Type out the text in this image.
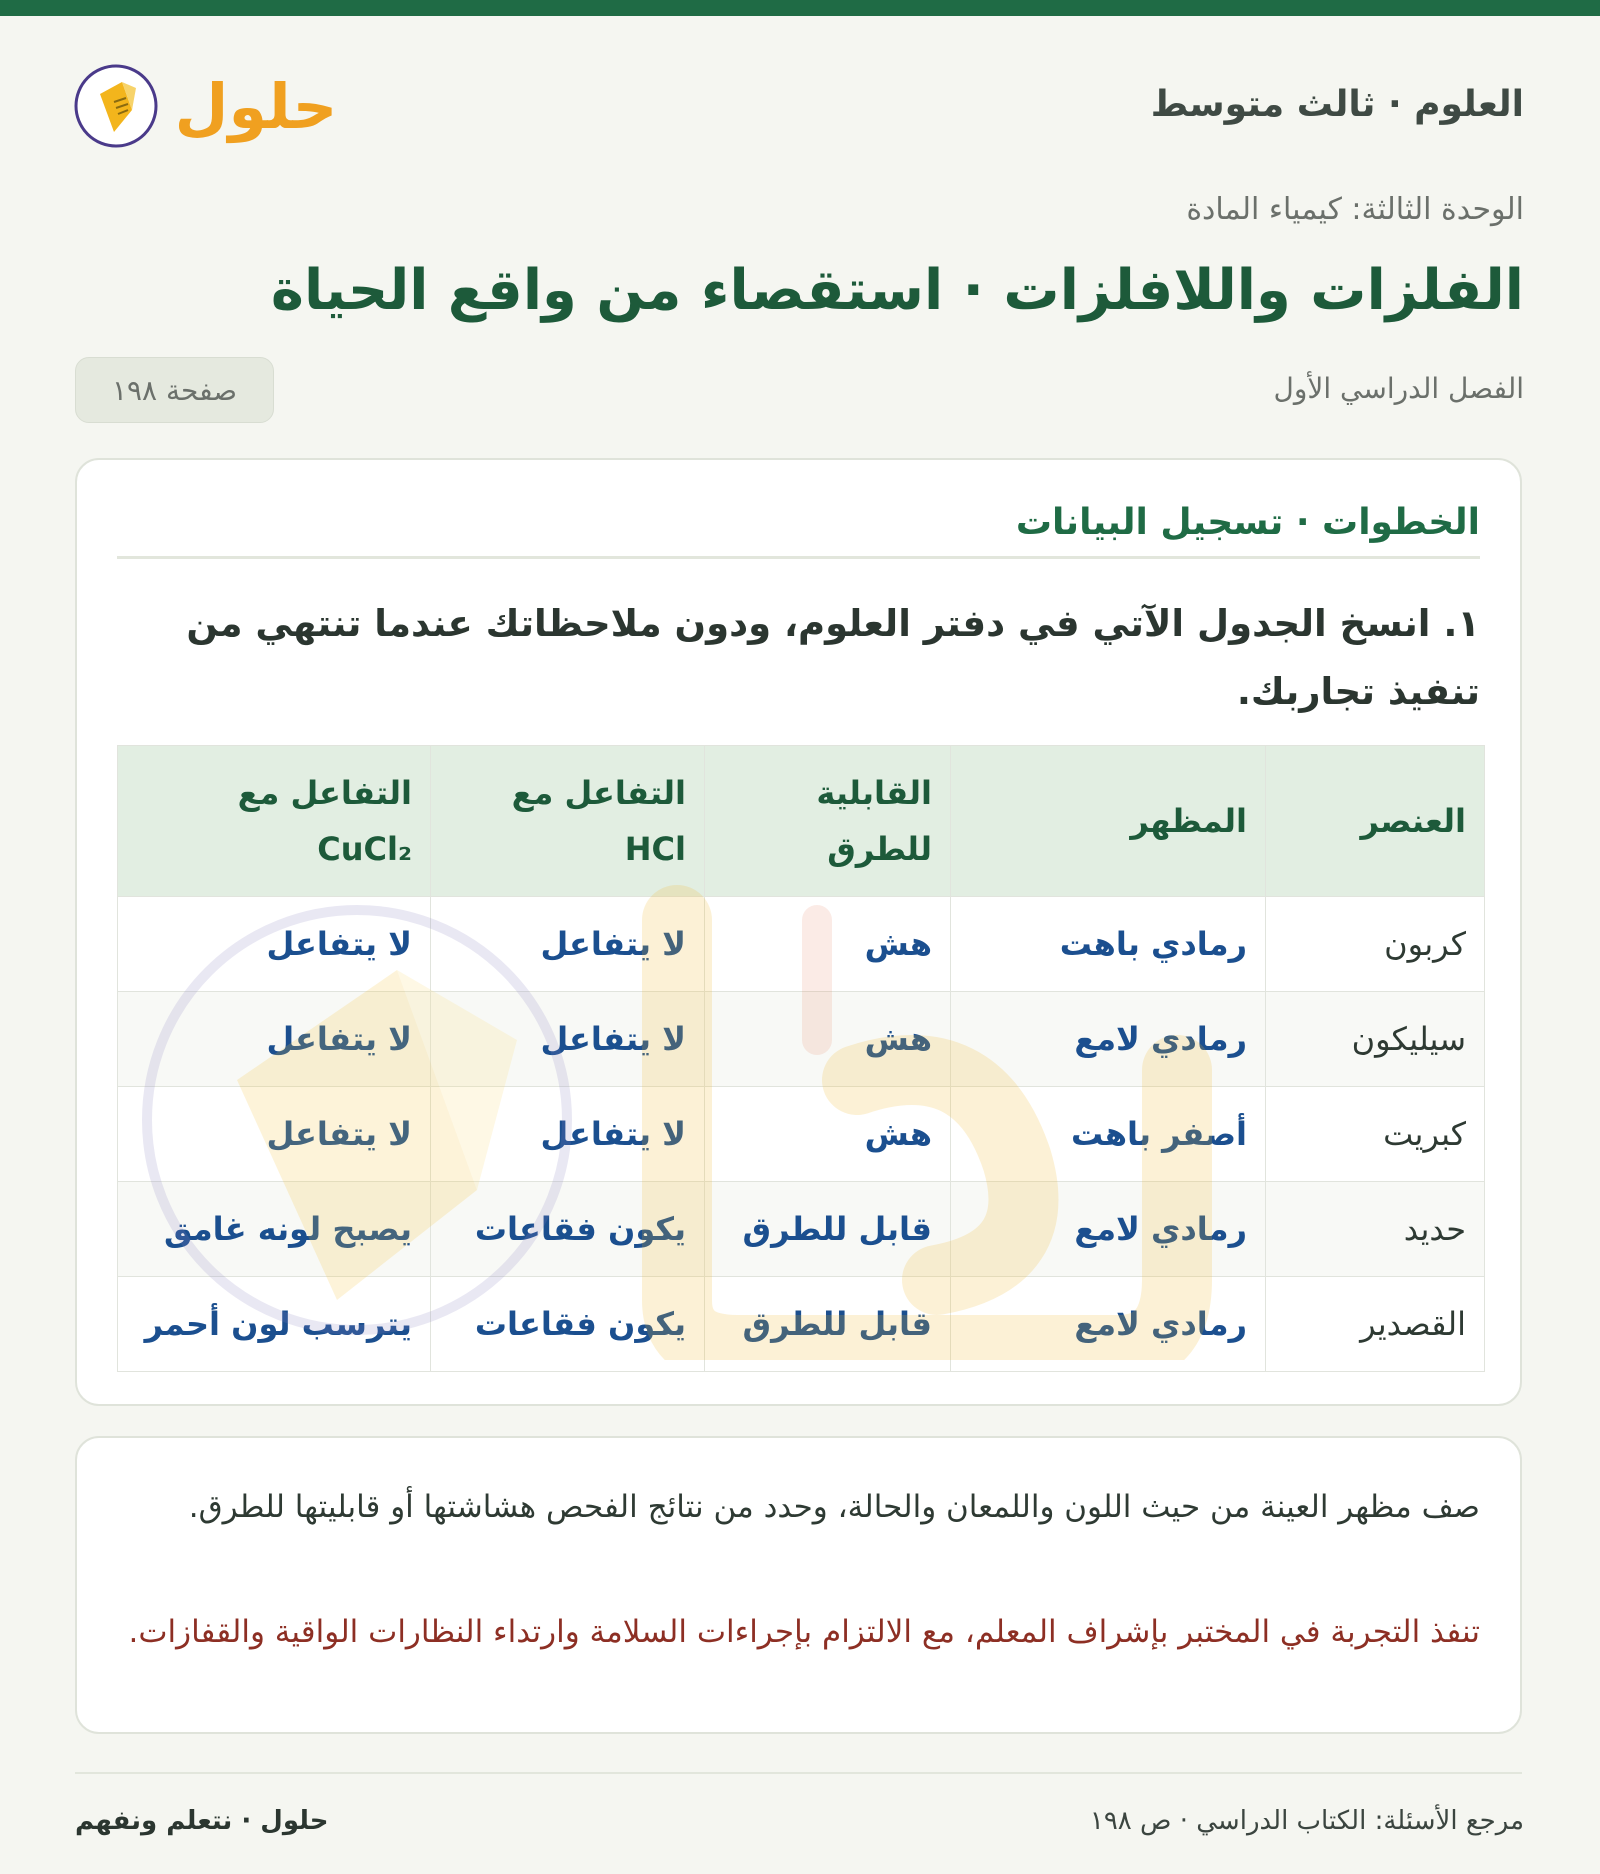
العلوم · ثالث متوسط
حلول
الوحدة الثالثة: كيمياء المادة
الفلزات واللافلزات · استقصاء من واقع الحياة
الفصل الدراسي الأول
صفحة ١٩٨
الخطوات · تسجيل البيانات
١. انسخ الجدول الآتي في دفتر العلوم، ودون ملاحظاتك عندما تنتهي من تنفيذ تجاربك.
العنصر	المظهر	القابلية للطرق	التفاعل مع HCl	التفاعل مع CuCl₂
كربون	رمادي باهت	هش	لا يتفاعل	لا يتفاعل
سيليكون	رمادي لامع	هش	لا يتفاعل	لا يتفاعل
كبريت	أصفر باهت	هش	لا يتفاعل	لا يتفاعل
حديد	رمادي لامع	قابل للطرق	يكون فقاعات	يصبح لونه غامق
القصدير	رمادي لامع	قابل للطرق	يكون فقاعات	يترسب لون أحمر
صف مظهر العينة من حيث اللون واللمعان والحالة، وحدد من نتائج الفحص هشاشتها أو قابليتها للطرق.
تنفذ التجربة في المختبر بإشراف المعلم، مع الالتزام بإجراءات السلامة وارتداء النظارات الواقية والقفازات.
مرجع الأسئلة: الكتاب الدراسي · ص ١٩٨
حلول · نتعلم ونفهم
